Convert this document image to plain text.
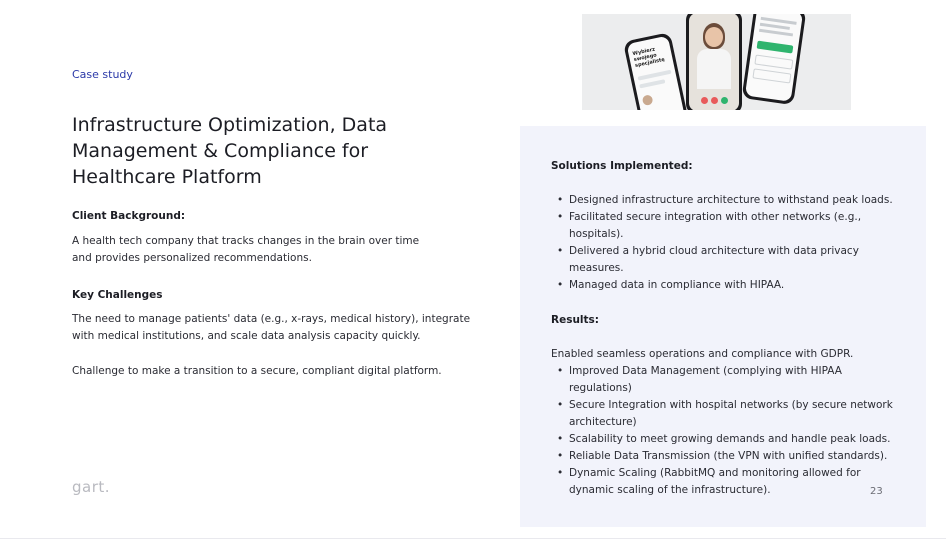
Case study
Infrastructure Optimization, Data Management & Compliance for Healthcare Platform
Client Background:
A health tech company that tracks changes in the brain over time and provides personalized recommendations.
Key Challenges
The need to manage patients' data (e.g., x-rays, medical history), integrate with medical institutions, and scale data analysis capacity quickly.
Challenge to make a transition to a secure, compliant digital platform.
gart.
Wybierz swojego specjalistę
Solutions Implemented:
• Designed infrastructure architecture to withstand peak loads.
• Facilitated secure integration with other networks (e.g., hospitals).
• Delivered a hybrid cloud architecture with data privacy measures.
• Managed data in compliance with HIPAA.
Results:
Enabled seamless operations and compliance with GDPR.
• Improved Data Management (complying with HIPAA regulations)
• Secure Integration with hospital networks (by secure network architecture)
• Scalability to meet growing demands and handle peak loads.
• Reliable Data Transmission (the VPN with unified standards).
• Dynamic Scaling (RabbitMQ and monitoring allowed for dynamic scaling of the infrastructure).	23
